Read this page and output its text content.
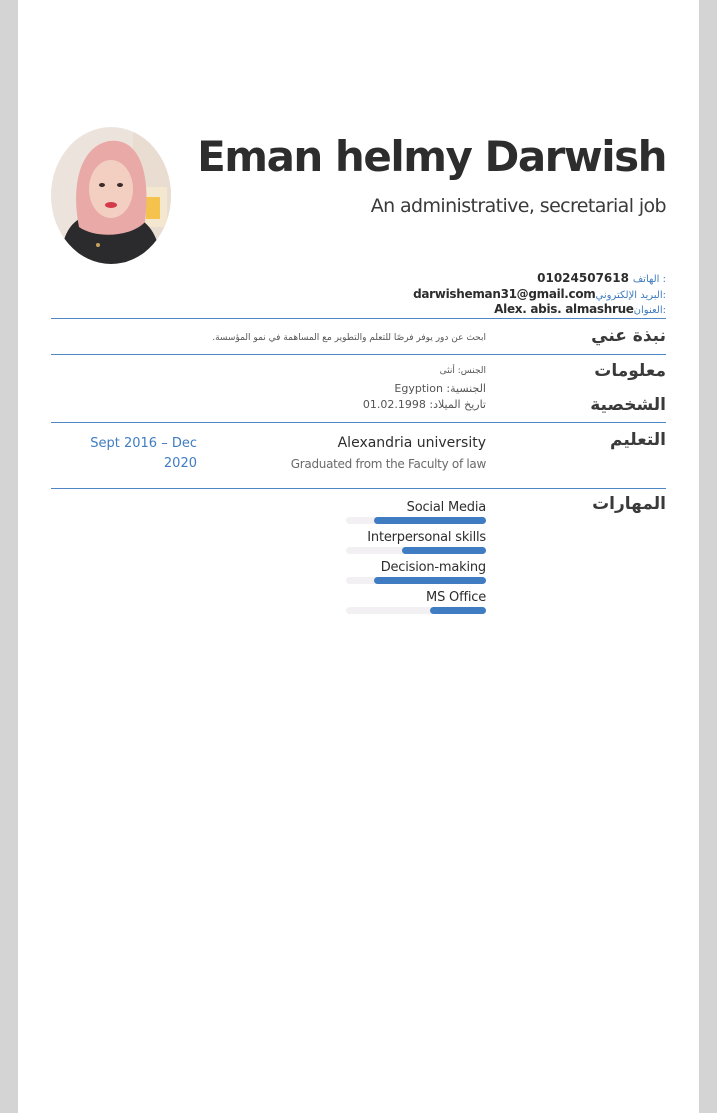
Eman helmy Darwish
An administrative, secretarial job
01024507618 الهاتف :
darwisheman31@gmail.comالبريد الإلكتروني:
Alex. abis. almashrueالعنوان:
نبذة عني
ابحث عن دور يوفر فرصًا للتعلم والتطوير مع المساهمة في نمو المؤسسة.
معلومات
الشخصية
الجنس: أنثى
الجنسية: Egyption
تاريخ الميلاد: 01.02.1998
التعليم
Sept 2016 – Dec
2020
Alexandria university
Graduated from the Faculty of law
المهارات
Social Media
Interpersonal skills
Decision-making
MS Office
